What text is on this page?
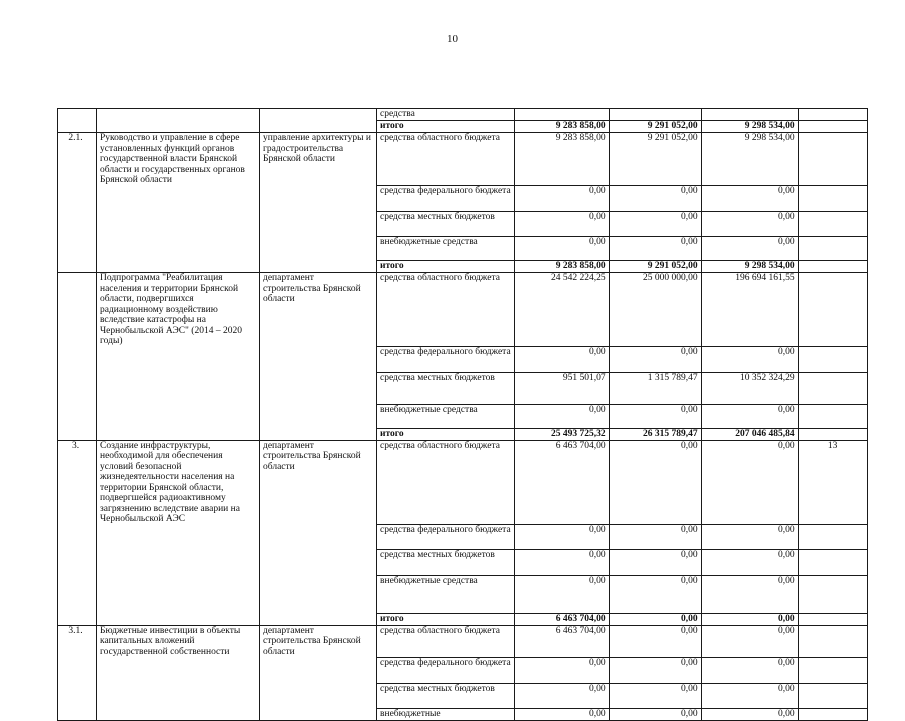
10
			средства				
			итого	9 283 858,00	9 291 052,00	9 298 534,00	
2.1.	Руководство и управление в сфере установленных функций органов государственной власти Брянской области и государственных органов Брянской области	управление архитектуры и градостроительства Брянской области	средства областного бюджета	9 283 858,00	9 291 052,00	9 298 534,00	
			средства федерального бюджета	0,00	0,00	0,00	
			средства местных бюджетов	0,00	0,00	0,00	
			внебюджетные средства	0,00	0,00	0,00	
			итого	9 283 858,00	9 291 052,00	9 298 534,00	
	Подпрограмма "Реабилитация населения и территории Брянской области, подвергшихся радиационному воздействию вследствие катастрофы на Чернобыльской АЭС" (2014 – 2020 годы)	департамент строительства Брянской области	средства областного бюджета	24 542 224,25	25 000 000,00	196 694 161,55	
			средства федерального бюджета	0,00	0,00	0,00	
			средства местных бюджетов	951 501,07	1 315 789,47	10 352 324,29	
			внебюджетные средства	0,00	0,00	0,00	
			итого	25 493 725,32	26 315 789,47	207 046 485,84	
3.	Создание инфраструктуры, необходимой для обеспечения условий безопасной жизнедеятельности населения на территории Брянской области, подвергшейся радиоактивному загрязнению вследствие аварии на Чернобыльской АЭС	департамент строительства Брянской области	средства областного бюджета	6 463 704,00	0,00	0,00	13
			средства федерального бюджета	0,00	0,00	0,00	
			средства местных бюджетов	0,00	0,00	0,00	
			внебюджетные средства	0,00	0,00	0,00	
			итого	6 463 704,00	0,00	0,00	
3.1.	Бюджетные инвестиции в объекты капитальных вложений государственной собственности	департамент строительства Брянской области	средства областного бюджета	6 463 704,00	0,00	0,00	
			средства федерального бюджета	0,00	0,00	0,00	
			средства местных бюджетов	0,00	0,00	0,00	
			внебюджетные	0,00	0,00	0,00	
